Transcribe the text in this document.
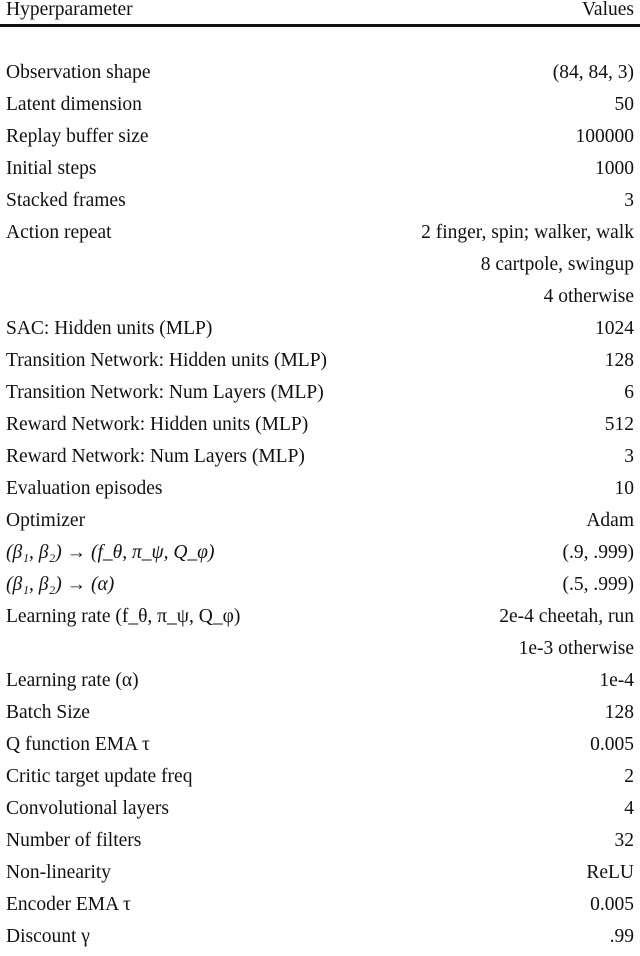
Hyperparameter	Values
Observation shape	(84, 84, 3)
Latent dimension	50
Replay buffer size	100000
Initial steps	1000
Stacked frames	3
Action repeat	2 finger, spin; walker, walk
8 cartpole, swingup
4 otherwise
SAC: Hidden units (MLP)	1024
Transition Network: Hidden units (MLP)	128
Transition Network: Num Layers (MLP)	6
Reward Network: Hidden units (MLP)	512
Reward Network: Num Layers (MLP)	3
Evaluation episodes	10
Optimizer	Adam
(β₁, β₂) → (f_θ, π_ψ, Q_φ)	(.9, .999)
(β₁, β₂) → (α)	(.5, .999)
Learning rate (f_θ, π_ψ, Q_φ)	2e-4 cheetah, run
1e-3 otherwise
Learning rate (α)	1e-4
Batch Size	128
Q function EMA τ	0.005
Critic target update freq	2
Convolutional layers	4
Number of filters	32
Non-linearity	ReLU
Encoder EMA τ	0.005
Discount γ	.99
